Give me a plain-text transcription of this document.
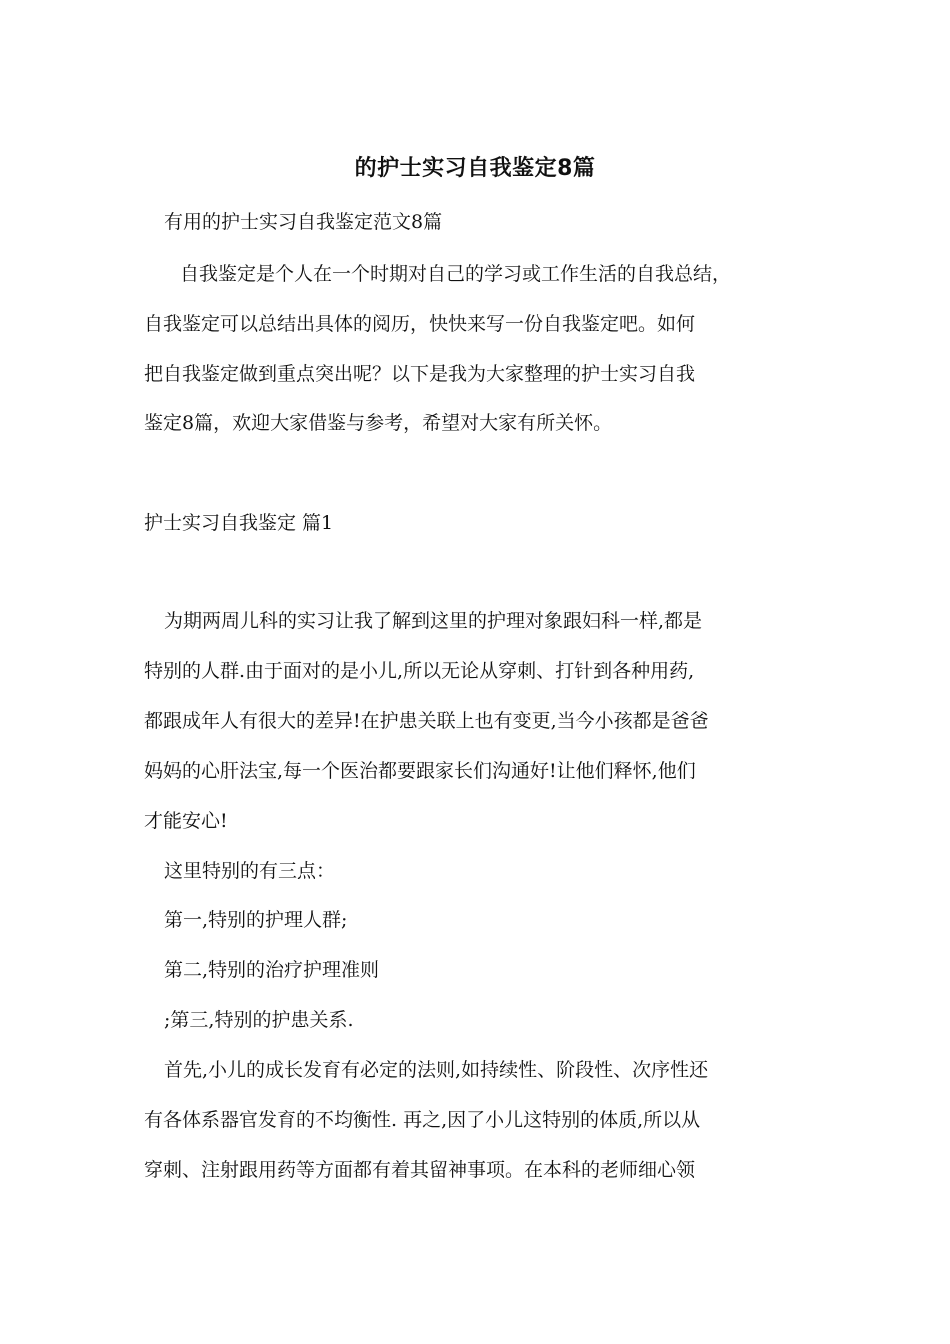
的护士实习自我鉴定8篇
有用的护士实习自我鉴定范文8篇
自我鉴定是个人在一个时期对自己的学习或工作生活的自我总结，
自我鉴定可以总结出具体的阅历，快快来写一份自我鉴定吧。如何
把自我鉴定做到重点突出呢？以下是我为大家整理的护士实习自我
鉴定8篇，欢迎大家借鉴与参考，希望对大家有所关怀。
护士实习自我鉴定 篇1
为期两周儿科的实习让我了解到这里的护理对象跟妇科一样,都是
特别的人群.由于面对的是小儿,所以无论从穿刺、打针到各种用药,
都跟成年人有很大的差异!在护患关联上也有变更,当今小孩都是爸爸
妈妈的心肝法宝,每一个医治都要跟家长们沟通好!让他们释怀,他们
才能安心!
这里特别的有三点：
第一,特别的护理人群;
第二,特别的治疗护理准则
;第三,特别的护患关系.
首先,小儿的成长发育有必定的法则,如持续性、阶段性、次序性还
有各体系器官发育的不均衡性. 再之,因了小儿这特别的体质,所以从
穿刺、注射跟用药等方面都有着其留神事项。在本科的老师细心领
